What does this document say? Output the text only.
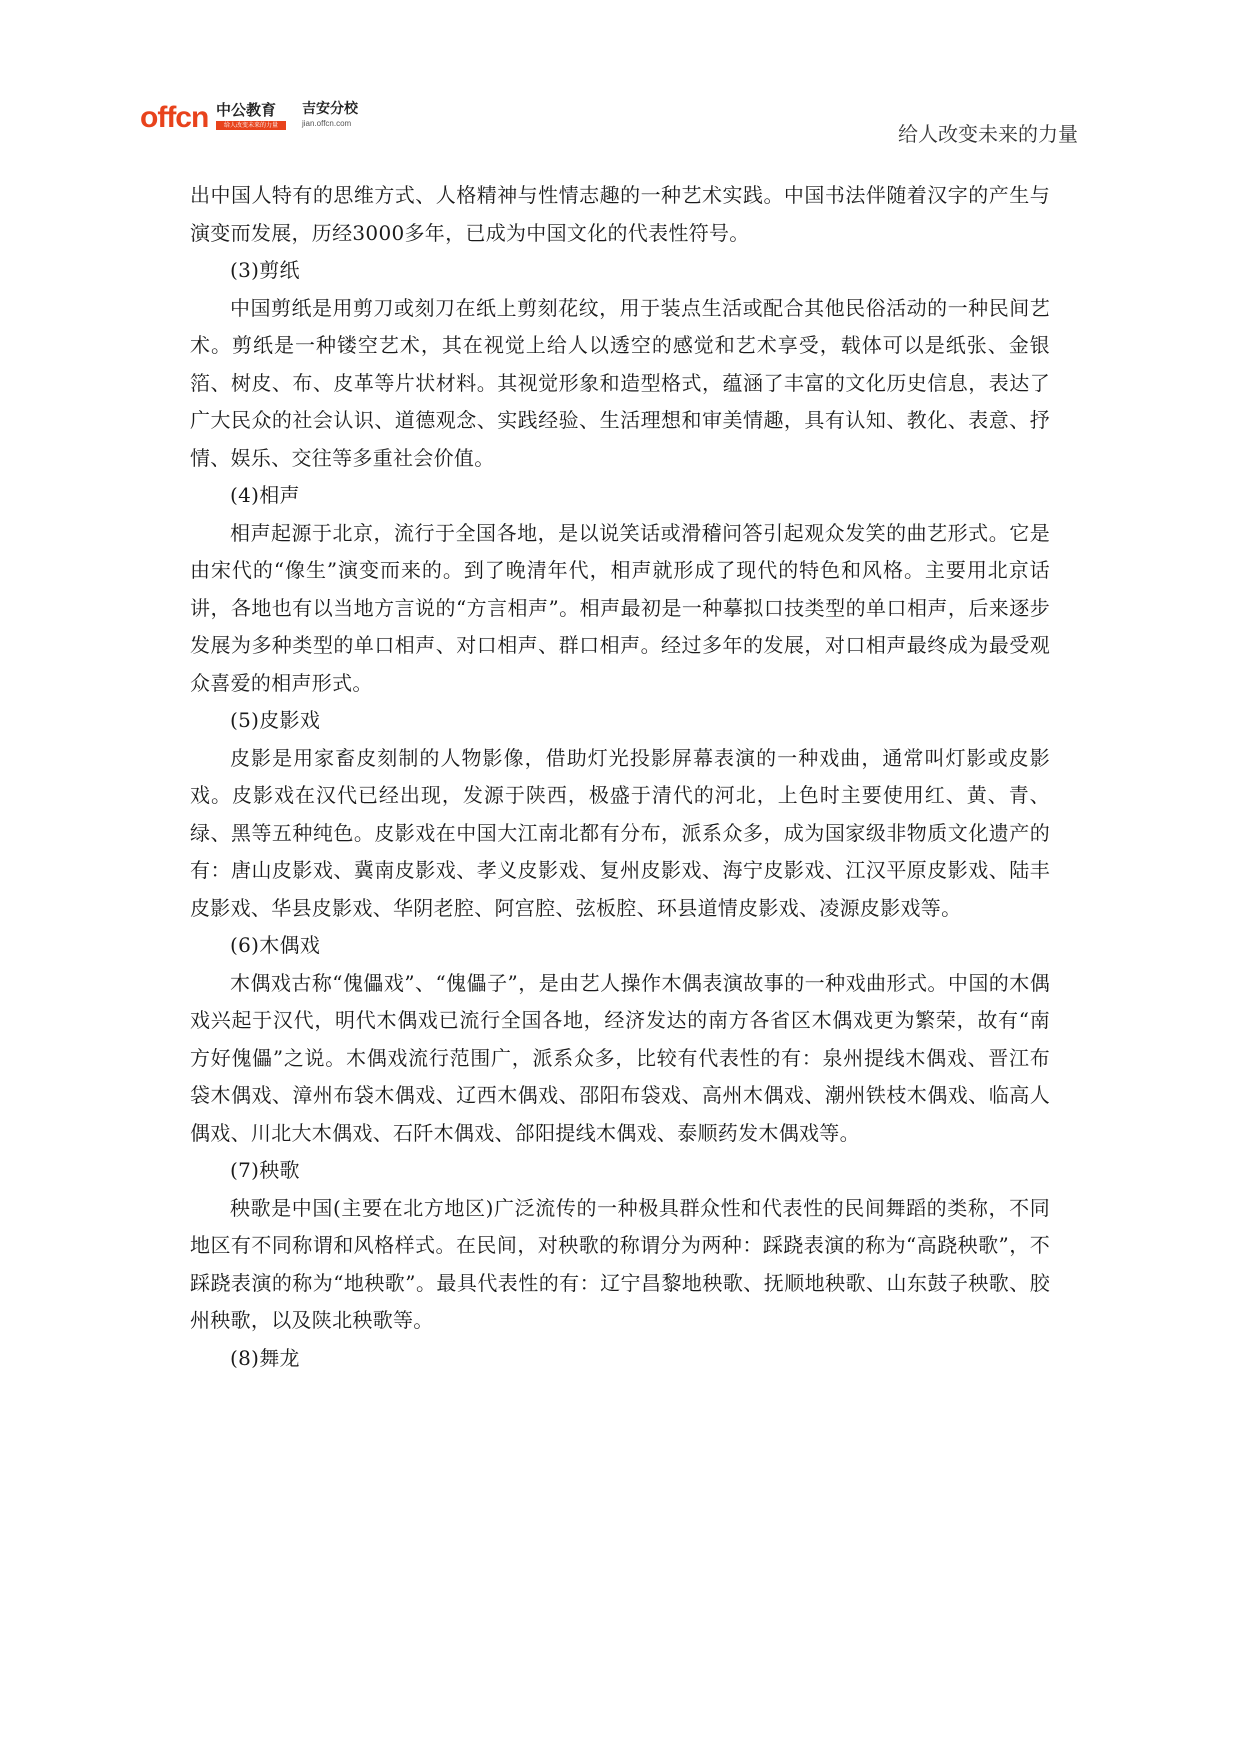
offcn 中公教育
给人改变未来的力量
吉安分校
jian.offcn.com	给人改变未来的力量

出中国人特有的思维方式、人格精神与性情志趣的一种艺术实践。中国书法伴随着汉字的产生与演变而发展，历经3000多年，已成为中国文化的代表性符号。

(3)剪纸

中国剪纸是用剪刀或刻刀在纸上剪刻花纹，用于装点生活或配合其他民俗活动的一种民间艺术。剪纸是一种镂空艺术，其在视觉上给人以透空的感觉和艺术享受，载体可以是纸张、金银箔、树皮、布、皮革等片状材料。其视觉形象和造型格式，蕴涵了丰富的文化历史信息，表达了广大民众的社会认识、道德观念、实践经验、生活理想和审美情趣，具有认知、教化、表意、抒情、娱乐、交往等多重社会价值。

(4)相声

相声起源于北京，流行于全国各地，是以说笑话或滑稽问答引起观众发笑的曲艺形式。它是由宋代的“像生”演变而来的。到了晚清年代，相声就形成了现代的特色和风格。主要用北京话讲，各地也有以当地方言说的“方言相声”。相声最初是一种摹拟口技类型的单口相声，后来逐步发展为多种类型的单口相声、对口相声、群口相声。经过多年的发展，对口相声最终成为最受观众喜爱的相声形式。

(5)皮影戏

皮影是用家畜皮刻制的人物影像，借助灯光投影屏幕表演的一种戏曲，通常叫灯影或皮影戏。皮影戏在汉代已经出现，发源于陕西，极盛于清代的河北，上色时主要使用红、黄、青、绿、黑等五种纯色。皮影戏在中国大江南北都有分布，派系众多，成为国家级非物质文化遗产的有：唐山皮影戏、冀南皮影戏、孝义皮影戏、复州皮影戏、海宁皮影戏、江汉平原皮影戏、陆丰皮影戏、华县皮影戏、华阴老腔、阿宫腔、弦板腔、环县道情皮影戏、凌源皮影戏等。

(6)木偶戏

木偶戏古称“傀儡戏”、“傀儡子”，是由艺人操作木偶表演故事的一种戏曲形式。中国的木偶戏兴起于汉代，明代木偶戏已流行全国各地，经济发达的南方各省区木偶戏更为繁荣，故有“南方好傀儡”之说。木偶戏流行范围广，派系众多，比较有代表性的有：泉州提线木偶戏、晋江布袋木偶戏、漳州布袋木偶戏、辽西木偶戏、邵阳布袋戏、高州木偶戏、潮州铁枝木偶戏、临高人偶戏、川北大木偶戏、石阡木偶戏、郃阳提线木偶戏、泰顺药发木偶戏等。

(7)秧歌

秧歌是中国(主要在北方地区)广泛流传的一种极具群众性和代表性的民间舞蹈的类称，不同地区有不同称谓和风格样式。在民间，对秧歌的称谓分为两种：踩跷表演的称为“高跷秧歌”，不踩跷表演的称为“地秧歌”。最具代表性的有：辽宁昌黎地秧歌、抚顺地秧歌、山东鼓子秧歌、胶州秧歌，以及陕北秧歌等。

(8)舞龙
